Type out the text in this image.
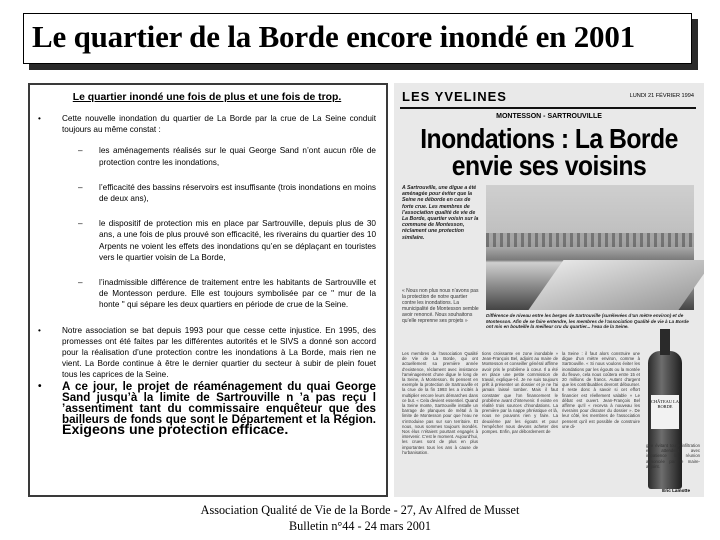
Le quartier de la Borde encore inondé en 2001
Le quartier inondé une fois de plus et une fois de trop.
•	Cette nouvelle inondation du quartier de La Borde par la crue de La Seine conduit toujours au même constat :
– les aménagements réalisés sur le quai George Sand n’ont aucun rôle de protection contre les inondations,
– l’efficacité des bassins réservoirs est insuffisante (trois inondations en moins de deux ans),
– le dispositif de protection mis en place par Sartrouville, depuis plus de 30 ans, a une fois de plus prouvé son efficacité, les riverains du quartier des 10 Arpents ne voient les effets des inondations qu’en se déplaçant en touristes vers le quartier voisin de La Borde,
– l’inadmissible différence de traitement entre les habitants de Sartrouville et de Montesson perdure. Elle est toujours symbolisée par ce " mur de la honte " qui sépare les deux quartiers en période de crue de la Seine.
•	Notre association se bat depuis 1993 pour que cesse cette injustice. En 1995, des promesses ont été faites par les différentes autorités et le SIVS a donné son accord pour la réalisation d’une protection contre les inondations à La Borde, mais rien ne vient. La Borde continue à être le dernier quartier du secteur à subir de plein fouet tous les caprices de la Seine.
• A ce jour, le projet de réaménagement du quai George Sand jusqu’à la limite de Sartrouville n ’a pas reçu l ’assentiment tant du commissaire enquêteur que des bailleurs de fonds que sont le Département et la Région. Exigeons une protection efficace.
LES YVELINES	LUNDI 21 FÉVRIER 1994
MONTESSON - SARTROUVILLE
Inondations : La Borde
envie ses voisins
A Sartrouville, une digue a été aménagée pour éviter que la Seine ne déborde en cas de forte crue. Les membres de l’association qualité de vie de La Borde, quartier voisin sur la commune de Montesson, réclament une protection similaire.
« Nous non plus nous n’avons pas la protection de notre quartier contre les inondations. La municipalité de Montesson semble avoir renoncé. Nous souhaitons qu’elle reprenne ses projets »
Différence de niveau entre les berges de Sartrouville (surélevées d’un mètre environ) et de Montesson. Afin de se faire entendre, les membres de l’association Qualité de vie à La Borde ont mis en bouteille la meilleur cru du quartier... l’eau de la Seine.
Les membres de l’association Qualité de Vie de La Borde, qui ont actuellement sa première année d’existence, réclament avec insistance l’aménagement d’une digue le long de la Seine, à Montesson. Ils pensent en exemple la protection de Sartrouville et la crue de la fin 1993 les a incités à multiplier encore leurs démarches dans ce but. « Cela devient essentiel. Quand la Seine monte, Sartrouville installe un barrage de planques de métal à la limite de Montesson pour que l’eau ne s’introduise pas sur son territoire. Et nous, nous sommes toujours inondés. Nos élus n’étaient pourtant engagés à intervenir. C’est le moment. Aujourd’hui, les crues sont de plus en plus importantes tous les ans à cause de l’urbanisation.
tions croissante en zone inondable » Jean-François Bel, adjoint au maire de Montesson et conseiller général affirme avoir pris le problème à cœur. Il a été en place une petite commission de travail, explique-t-il. Je ne suis toujours prêt à présenter un dossier et je ne l’ai jamais laissé tomber. Mais il faut constater que l’on financement le problème avant d’intervenir. Il existe en réalité trois sources d’inondations. La première par la nappe phréatique et là, nous ne pouvons rien y faire. La deuxième par les égouts et pour l’empêcher nous devons acheter des pompes. Enfin, par débordement de
la Seine : il faut alors construire une digue d’un mètre environ, comme à Sartrouville. « Si nous voulons éviter les inondations par les égouts ou la montée du fleuve, cela nous coûtera entre 15 et 20 millions de francs. Autant d’argent que les contribuables devront débourser. Il reste donc à savoir si cet effort financier est réellement valable » Le débat est ouvert. Jean-François Bel affirme qu’il « recevra à nouveau les riverains pour discuter du dossier ». De leur côté, les membres de l’association pensent qu’il est possible de construire une di-
CHÂTEAU LA BORDE
gue évitant toute infiltration et attendent avec impatience la réunion annoncée par le maire-adjoint.
Eric Lamotte
Association Qualité de Vie de la Borde - 27, Av Alfred de Musset
Bulletin n°44 - 24 mars 2001
